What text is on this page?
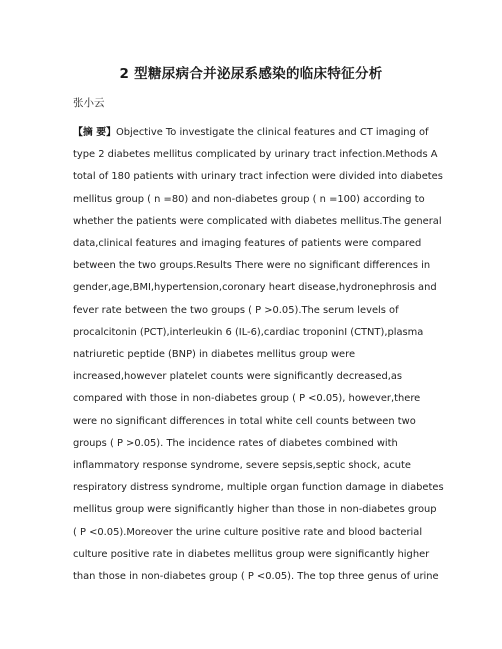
2 型糖尿病合并泌尿系感染的临床特征分析
张小云
【摘 要】Objective To investigate the clinical features and CT imaging of
type 2 diabetes mellitus complicated by urinary tract infection.Methods A
total of 180 patients with urinary tract infection were divided into diabetes
mellitus group ( n =80) and non-diabetes group ( n =100) according to
whether the patients were complicated with diabetes mellitus.The general
data,clinical features and imaging features of patients were compared
between the two groups.Results There were no significant differences in
gender,age,BMI,hypertension,coronary heart disease,hydronephrosis and
fever rate between the two groups ( P >0.05).The serum levels of
procalcitonin (PCT),interleukin 6 (IL-6),cardiac troponinI (CTNT),plasma
natriuretic peptide (BNP) in diabetes mellitus group were
increased,however platelet counts were significantly decreased,as
compared with those in non-diabetes group ( P <0.05), however,there
were no significant differences in total white cell counts between two
groups ( P >0.05). The incidence rates of diabetes combined with
inflammatory response syndrome, severe sepsis,septic shock, acute
respiratory distress syndrome, multiple organ function damage in diabetes
mellitus group were significantly higher than those in non-diabetes group
( P <0.05).Moreover the urine culture positive rate and blood bacterial
culture positive rate in diabetes mellitus group were significantly higher
than those in non-diabetes group ( P <0.05). The top three genus of urine
